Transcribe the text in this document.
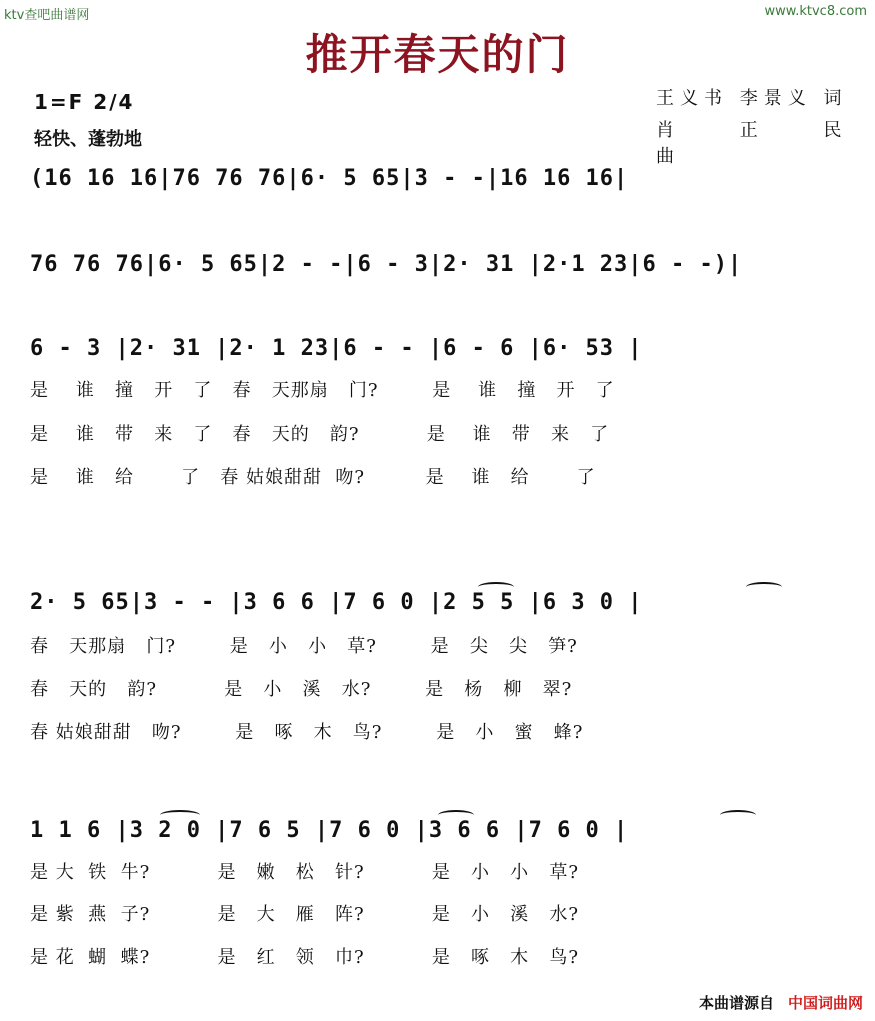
ktv查吧曲谱网	www.ktvc8.com
推开春天的门
王义书 李景义 词
肖 正 民曲
1=F 2/4
轻快、蓬勃地
(16 16 16|76 76 76|6· 5 65|3 - -|16 16 16|
76 76 76|6· 5 65|2 - -|6 - 3|2· 31 |2·1 23|6 - -)|
6 - 3 |2· 31 |2· 1 23|6 - - |6 - 6 |6· 53 |
是    谁   撞   开   了   春   天那扇   门?        是    谁   撞   开   了
是    谁   带   来   了   春   天的   韵?          是    谁   带   来   了
是    谁   给       了   春 姑娘甜甜  吻?         是    谁   给       了
2· 5 65|3 - - |3 6 6 |7 6 0 |2 5 5 |6 3 0 |
春   天那扇   门?        是   小   小   草?        是   尖   尖   笋?
春   天的   韵?          是   小   溪   水?        是   杨   柳   翠?
春 姑娘甜甜   吻?        是   啄   木   鸟?        是   小   蜜   蜂?
1 1 6 |3 2 0 |7 6 5 |7 6 0 |3 6 6 |7 6 0 |
是 大  铁  牛?          是   嫩   松   针?          是   小   小   草?
是 紫  燕  子?          是   大   雁   阵?          是   小   溪   水?
是 花  蝴  蝶?          是   红   领   巾?          是   啄   木   鸟?
本曲谱源自 中国词曲网
